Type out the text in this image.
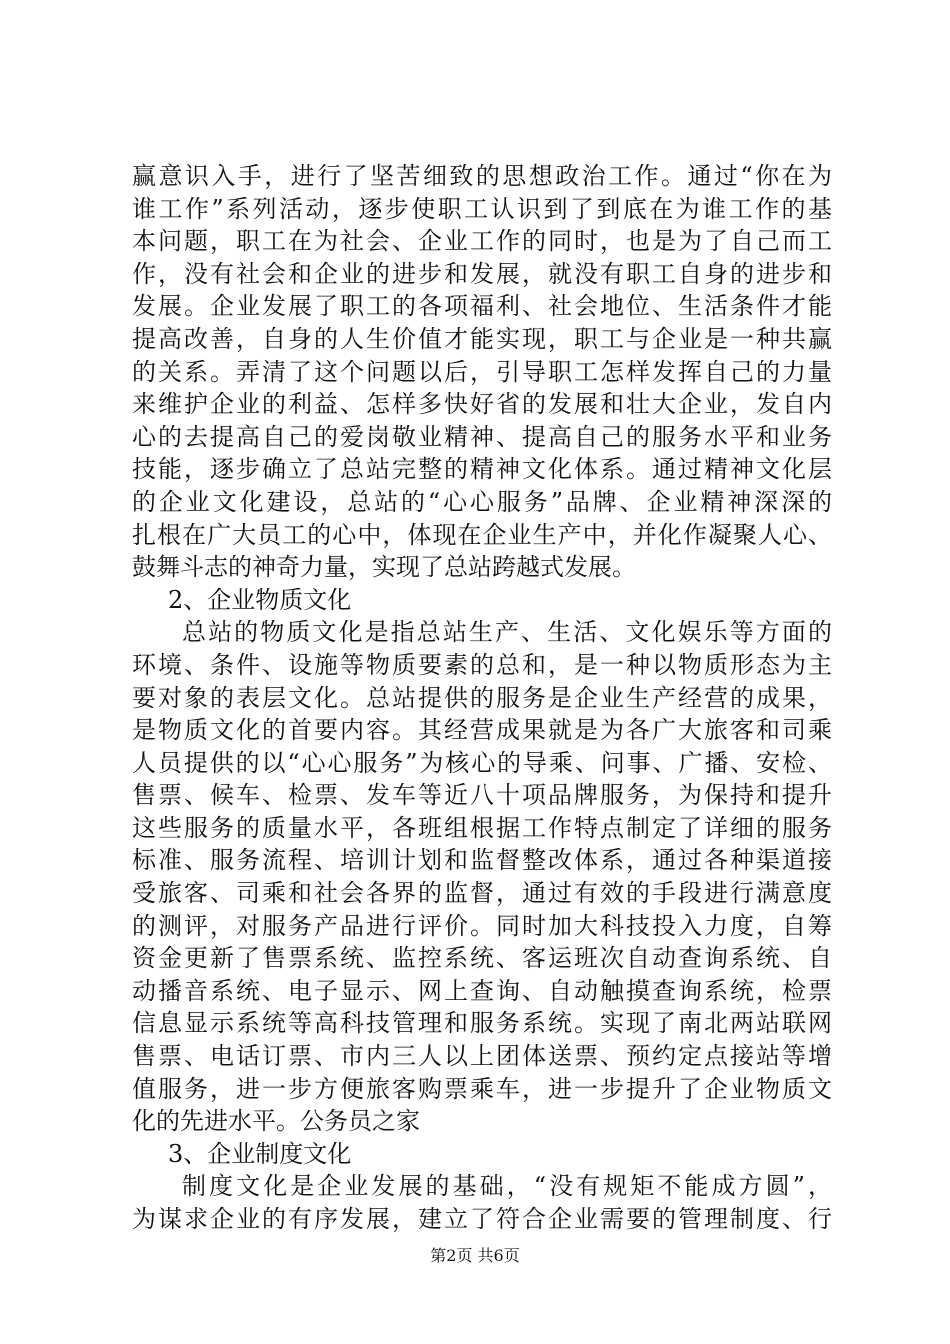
赢意识入手，进行了坚苦细致的思想政治工作。通过“你在为
谁工作”系列活动，逐步使职工认识到了到底在为谁工作的基
本问题，职工在为社会、企业工作的同时，也是为了自己而工
作，没有社会和企业的进步和发展，就没有职工自身的进步和
发展。企业发展了职工的各项福利、社会地位、生活条件才能
提高改善，自身的人生价值才能实现，职工与企业是一种共赢
的关系。弄清了这个问题以后，引导职工怎样发挥自己的力量
来维护企业的利益、怎样多快好省的发展和壮大企业，发自内
心的去提高自己的爱岗敬业精神、提高自己的服务水平和业务
技能，逐步确立了总站完整的精神文化体系。通过精神文化层
的企业文化建设，总站的“心心服务”品牌、企业精神深深的
扎根在广大员工的心中，体现在企业生产中，并化作凝聚人心、
鼓舞斗志的神奇力量，实现了总站跨越式发展。
2、企业物质文化
总站的物质文化是指总站生产、生活、文化娱乐等方面的
环境、条件、设施等物质要素的总和，是一种以物质形态为主
要对象的表层文化。总站提供的服务是企业生产经营的成果，
是物质文化的首要内容。其经营成果就是为各广大旅客和司乘
人员提供的以“心心服务”为核心的导乘、问事、广播、安检、
售票、候车、检票、发车等近八十项品牌服务，为保持和提升
这些服务的质量水平，各班组根据工作特点制定了详细的服务
标准、服务流程、培训计划和监督整改体系，通过各种渠道接
受旅客、司乘和社会各界的监督，通过有效的手段进行满意度
的测评，对服务产品进行评价。同时加大科技投入力度，自筹
资金更新了售票系统、监控系统、客运班次自动查询系统、自
动播音系统、电子显示、网上查询、自动触摸查询系统，检票
信息显示系统等高科技管理和服务系统。实现了南北两站联网
售票、电话订票、市内三人以上团体送票、预约定点接站等增
值服务，进一步方便旅客购票乘车，进一步提升了企业物质文
化的先进水平。公务员之家
3、企业制度文化
制度文化是企业发展的基础，“没有规矩不能成方圆”，
为谋求企业的有序发展，建立了符合企业需要的管理制度、行
第2页 共6页
